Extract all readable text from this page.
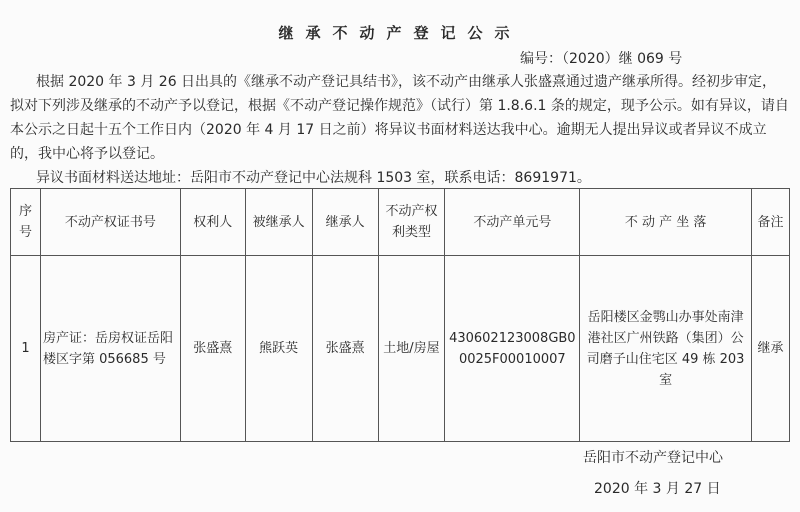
继承不动产登记公示
编号：（2020）继 069 号
根据 2020 年 3 月 26 日出具的《继承不动产登记具结书》，该不动产由继承人张盛熹通过遗产继承所得。经初步审定， 拟对下列涉及继承的不动产予以登记，根据《不动产登记操作规范》（试行）第 1.8.6.1 条的规定，现予公示。如有异议，请自本公示之日起十五个工作日内（2020 年 4 月 17 日之前）将异议书面材料送达我中心。逾期无人提出异议或者异议不成立的，我中心将予以登记。
异议书面材料送达地址：岳阳市不动产登记中心法规科 1503 室，联系电话：8691971。
序号	不动产权证书号	权利人	被继承人	继承人	不动产权利类型	不动产单元号	不 动 产 坐 落	备注
1	房产证：岳房权证岳阳楼区字第 056685 号	张盛熹	熊跃英	张盛熹	土地/房屋	430602123008GB00025F00010007	岳阳楼区金鹗山办事处南津港社区广州铁路（集团）公司磨子山住宅区 49 栋 203 室	继承
岳阳市不动产登记中心
2020 年 3 月 27 日
